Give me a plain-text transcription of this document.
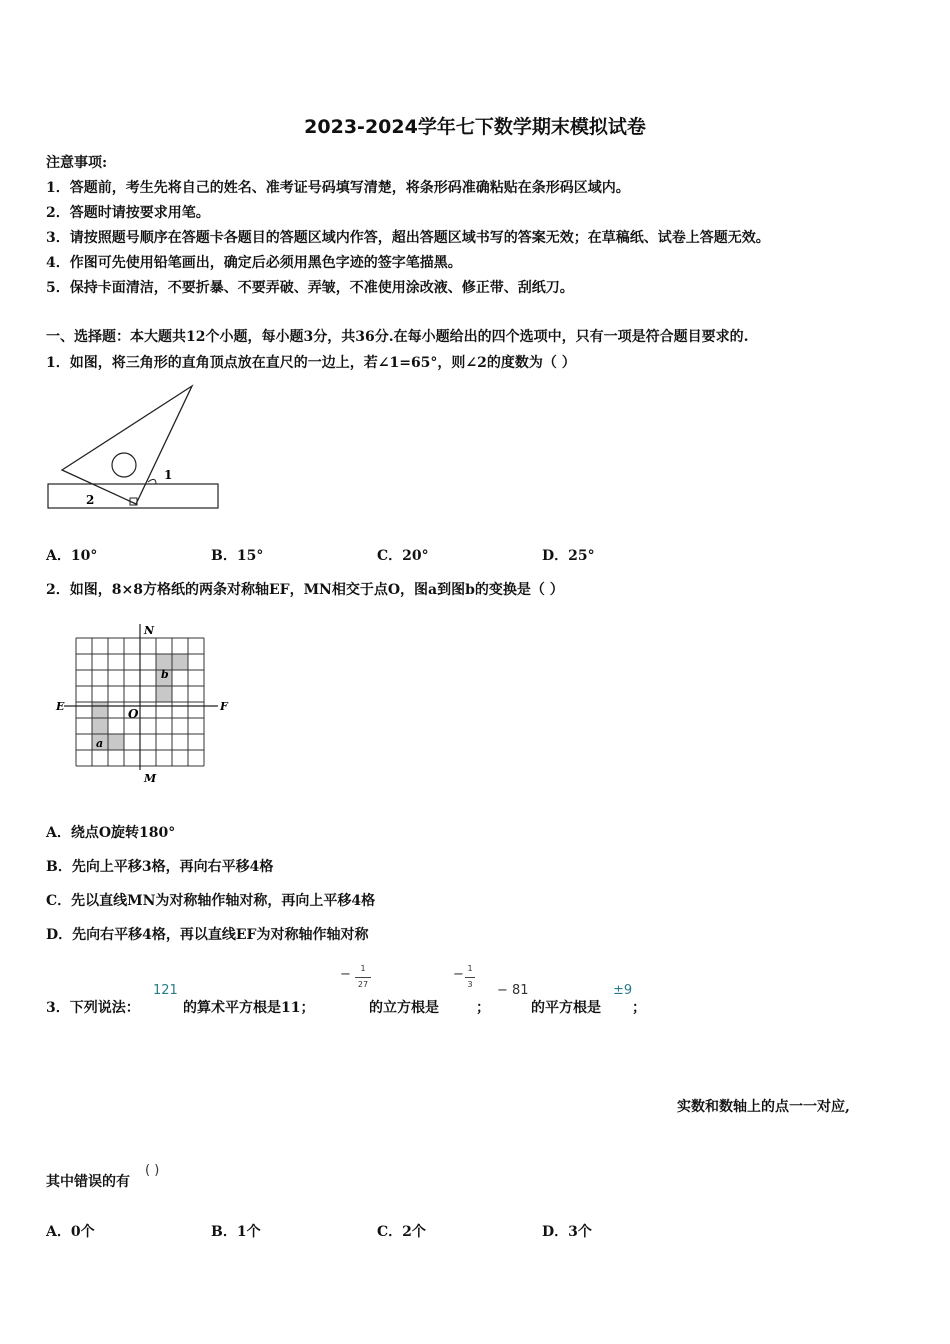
2023-2024学年七下数学期末模拟试卷
注意事项:
1．答题前，考生先将自己的姓名、准考证号码填写清楚，将条形码准确粘贴在条形码区域内。
2．答题时请按要求用笔。
3．请按照题号顺序在答题卡各题目的答题区域内作答，超出答题区域书写的答案无效；在草稿纸、试卷上答题无效。
4．作图可先使用铅笔画出，确定后必须用黑色字迹的签字笔描黑。
5．保持卡面清洁，不要折暴、不要弄破、弄皱，不准使用涂改液、修正带、刮纸刀。
一、选择题：本大题共12个小题，每小题3分，共36分.在每小题给出的四个选项中，只有一项是符合题目要求的.
1．如图，将三角形的直角顶点放在直尺的一边上，若∠1=65°，则∠2的度数为（ ）
1
2
A．10°	B．15°	C．20°	D．25°
2．如图，8×8方格纸的两条对称轴EF，MN相交于点O，图a到图b的变换是（ ）
N
M
E	F
O
a
b
A．绕点O旋转180°
B．先向上平移3格，再向右平移4格
C．先以直线MN为对称轴作轴对称，再向上平移4格
D．先向右平移4格，再以直线EF为对称轴作轴对称
3．下列说法：
121
的算术平方根是11；
−	1
27
的立方根是
− 1
3
；
− 81
的平方根是
±9
；
实数和数轴上的点一一对应,
其中错误的有
( )
A．0个	B．1个	C．2个	D．3个
